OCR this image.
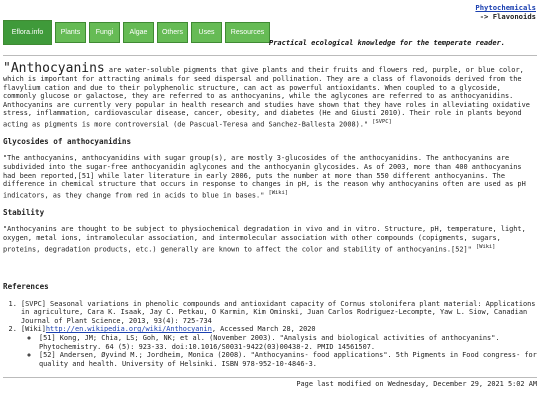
Phytochemicals
-> Flavonoids
Eflora.info	Plants	Fungi	Algae	Others	Uses	Resources
Practical ecological knowledge for the temperate reader.

"Anthocyanins are water-soluble pigments that give plants and their fruits and flowers red, purple, or blue color, which is important for attracting animals for seed dispersal and pollination. They are a class of flavonoids derived from the flavylium cation and due to their polyphenolic structure, can act as powerful antioxidants. When coupled to a glycoside, commonly glucose or galactose, they are referred to as anthocyanins, while the aglycones are referred to as anthocyanidins. Anthocyanins are currently very popular in health research and studies have shown that they have roles in alleviating oxidative stress, inflammation, cardiovascular disease, cancer, obesity, and diabetes (He and Giusti 2010). Their role in plants beyond acting as pigments is more controversial (de Pascual-Teresa and Sanchez-Ballesta 2008)." [SVPC]

Glycosides of anthocyanidins

"The anthocyanins, anthocyanidins with sugar group(s), are mostly 3-glucosides of the anthocyanidins. The anthocyanins are subdivided into the sugar-free anthocyanidin aglycones and the anthocyanin glycosides. As of 2003, more than 400 anthocyanins had been reported,[51] while later literature in early 2006, puts the number at more than 550 different anthocyanins. The difference in chemical structure that occurs in response to changes in pH, is the reason why anthocyanins often are used as pH indicators, as they change from red in acids to blue in bases." [Wiki]

Stability

"Anthocyanins are thought to be subject to physiochemical degradation in vivo and in vitro. Structure, pH, temperature, light, oxygen, metal ions, intramolecular association, and intermolecular association with other compounds (copigments, sugars, proteins, degradation products, etc.) generally are known to affect the color and stability of anthocyanins.[52]" [Wiki]

References
1. [SVPC] Seasonal variations in phenolic compounds and antioxidant capacity of Cornus stolonifera plant material: Applications in agriculture, Cara K. Isaak, Jay C. Petkau, O Karmin, Kim Ominski, Juan Carlos Rodriguez-Lecompte, Yaw L. Siow, Canadian Journal of Plant Science, 2013, 93(4): 725-734
2. [Wiki]http://en.wikipedia.org/wiki/Anthocyanin, Accessed March 28, 2020
◦ [51] Kong, JM; Chia, LS; Goh, NK; et al. (November 2003). "Analysis and biological activities of anthocyanins". Phytochemistry. 64 (5): 923-33. doi:10.1016/S0031-9422(03)00438-2. PMID 14561507.
◦ [52] Andersen, Øyvind M.; Jordheim, Monica (2008). "Anthocyanins- food applications". 5th Pigments in Food congress- for quality and health. University of Helsinki. ISBN 978-952-10-4846-3.
Page last modified on Wednesday, December 29, 2021 5:02 AM
